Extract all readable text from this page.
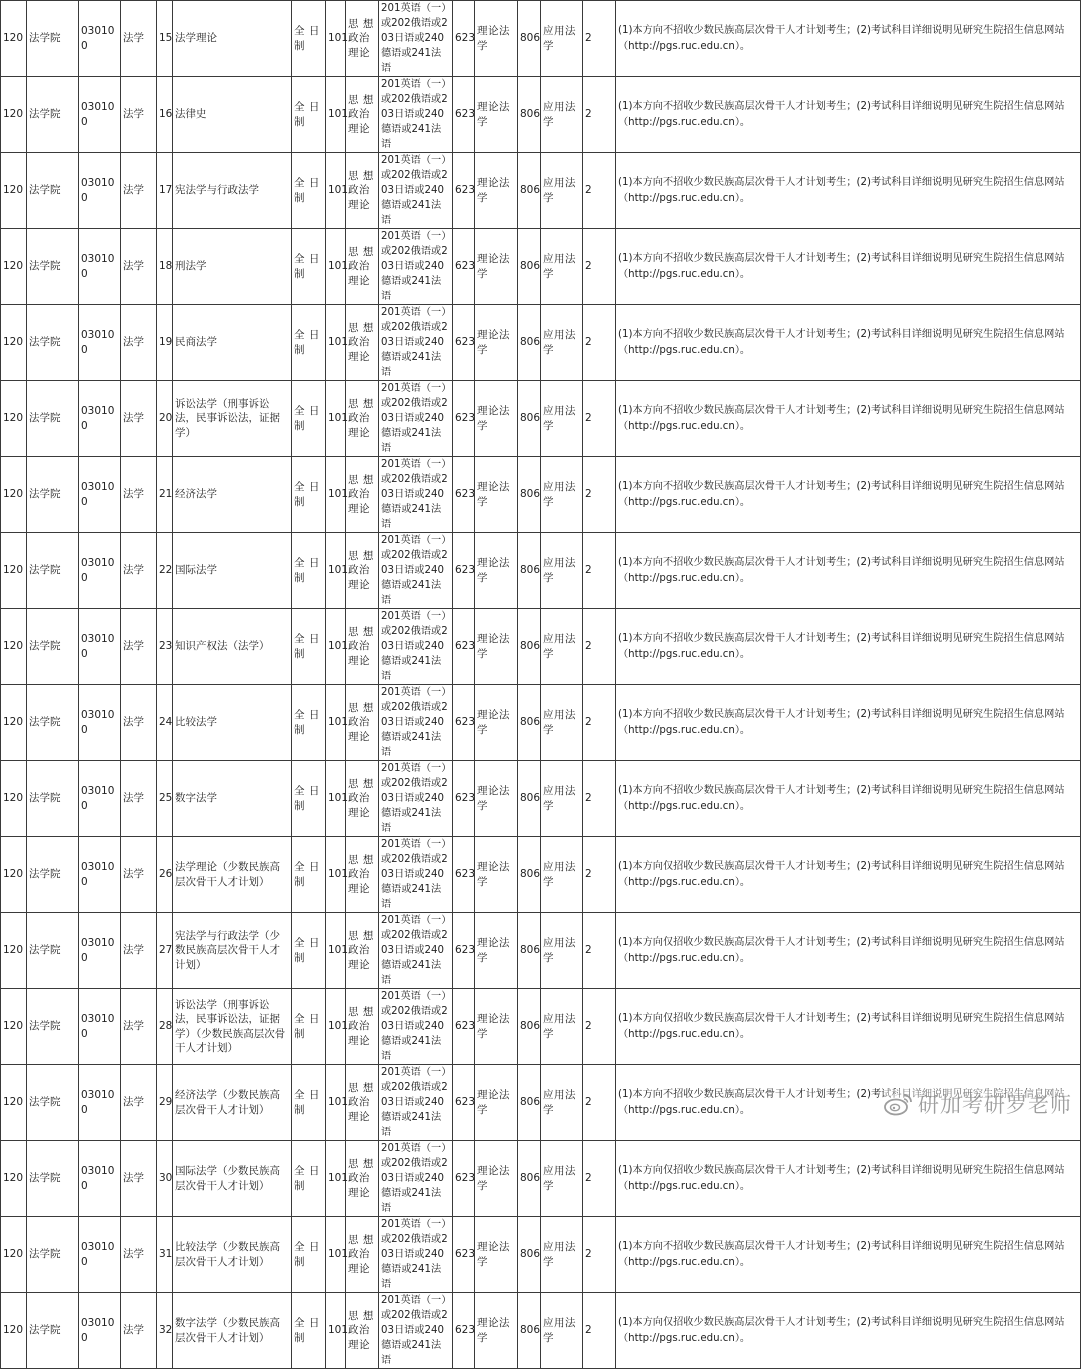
120	法学院	030100	法学	15	法学理论	全 日制	101	思 想政治理论	201英语（一）或202俄语或203日语或240德语或241法语	623	理论法学	806	应用法学	2	(1)本方向不招收少数民族高层次骨干人才计划考生；(2)考试科目详细说明见研究生院招生信息网站（http://pgs.ruc.edu.cn）。
120	法学院	030100	法学	16	法律史	全 日制	101	思 想政治理论	201英语（一）或202俄语或203日语或240德语或241法语	623	理论法学	806	应用法学	2	(1)本方向不招收少数民族高层次骨干人才计划考生；(2)考试科目详细说明见研究生院招生信息网站（http://pgs.ruc.edu.cn）。
120	法学院	030100	法学	17	宪法学与行政法学	全 日制	101	思 想政治理论	201英语（一）或202俄语或203日语或240德语或241法语	623	理论法学	806	应用法学	2	(1)本方向不招收少数民族高层次骨干人才计划考生；(2)考试科目详细说明见研究生院招生信息网站（http://pgs.ruc.edu.cn）。
120	法学院	030100	法学	18	刑法学	全 日制	101	思 想政治理论	201英语（一）或202俄语或203日语或240德语或241法语	623	理论法学	806	应用法学	2	(1)本方向不招收少数民族高层次骨干人才计划考生；(2)考试科目详细说明见研究生院招生信息网站（http://pgs.ruc.edu.cn）。
120	法学院	030100	法学	19	民商法学	全 日制	101	思 想政治理论	201英语（一）或202俄语或203日语或240德语或241法语	623	理论法学	806	应用法学	2	(1)本方向不招收少数民族高层次骨干人才计划考生；(2)考试科目详细说明见研究生院招生信息网站（http://pgs.ruc.edu.cn）。
120	法学院	030100	法学	20	诉讼法学（刑事诉讼法，民事诉讼法，证据学）	全 日制	101	思 想政治理论	201英语（一）或202俄语或203日语或240德语或241法语	623	理论法学	806	应用法学	2	(1)本方向不招收少数民族高层次骨干人才计划考生；(2)考试科目详细说明见研究生院招生信息网站（http://pgs.ruc.edu.cn）。
120	法学院	030100	法学	21	经济法学	全 日制	101	思 想政治理论	201英语（一）或202俄语或203日语或240德语或241法语	623	理论法学	806	应用法学	2	(1)本方向不招收少数民族高层次骨干人才计划考生；(2)考试科目详细说明见研究生院招生信息网站（http://pgs.ruc.edu.cn）。
120	法学院	030100	法学	22	国际法学	全 日制	101	思 想政治理论	201英语（一）或202俄语或203日语或240德语或241法语	623	理论法学	806	应用法学	2	(1)本方向不招收少数民族高层次骨干人才计划考生；(2)考试科目详细说明见研究生院招生信息网站（http://pgs.ruc.edu.cn）。
120	法学院	030100	法学	23	知识产权法（法学）	全 日制	101	思 想政治理论	201英语（一）或202俄语或203日语或240德语或241法语	623	理论法学	806	应用法学	2	(1)本方向不招收少数民族高层次骨干人才计划考生；(2)考试科目详细说明见研究生院招生信息网站（http://pgs.ruc.edu.cn）。
120	法学院	030100	法学	24	比较法学	全 日制	101	思 想政治理论	201英语（一）或202俄语或203日语或240德语或241法语	623	理论法学	806	应用法学	2	(1)本方向不招收少数民族高层次骨干人才计划考生；(2)考试科目详细说明见研究生院招生信息网站（http://pgs.ruc.edu.cn）。
120	法学院	030100	法学	25	数字法学	全 日制	101	思 想政治理论	201英语（一）或202俄语或203日语或240德语或241法语	623	理论法学	806	应用法学	2	(1)本方向不招收少数民族高层次骨干人才计划考生；(2)考试科目详细说明见研究生院招生信息网站（http://pgs.ruc.edu.cn）。
120	法学院	030100	法学	26	法学理论（少数民族高层次骨干人才计划）	全 日制	101	思 想政治理论	201英语（一）或202俄语或203日语或240德语或241法语	623	理论法学	806	应用法学	2	(1)本方向仅招收少数民族高层次骨干人才计划考生；(2)考试科目详细说明见研究生院招生信息网站（http://pgs.ruc.edu.cn）。
120	法学院	030100	法学	27	宪法学与行政法学（少数民族高层次骨干人才计划）	全 日制	101	思 想政治理论	201英语（一）或202俄语或203日语或240德语或241法语	623	理论法学	806	应用法学	2	(1)本方向仅招收少数民族高层次骨干人才计划考生；(2)考试科目详细说明见研究生院招生信息网站（http://pgs.ruc.edu.cn）。
120	法学院	030100	法学	28	诉讼法学（刑事诉讼法，民事诉讼法，证据学）（少数民族高层次骨干人才计划）	全 日制	101	思 想政治理论	201英语（一）或202俄语或203日语或240德语或241法语	623	理论法学	806	应用法学	2	(1)本方向仅招收少数民族高层次骨干人才计划考生；(2)考试科目详细说明见研究生院招生信息网站（http://pgs.ruc.edu.cn）。
120	法学院	030100	法学	29	经济法学（少数民族高层次骨干人才计划）	全 日制	101	思 想政治理论	201英语（一）或202俄语或203日语或240德语或241法语	623	理论法学	806	应用法学	2	(1)本方向不招收少数民族高层次骨干人才计划考生；(2)考试科目详细说明见研究生院招生信息网站（http://pgs.ruc.edu.cn）。
120	法学院	030100	法学	30	国际法学（少数民族高层次骨干人才计划）	全 日制	101	思 想政治理论	201英语（一）或202俄语或203日语或240德语或241法语	623	理论法学	806	应用法学	2	(1)本方向仅招收少数民族高层次骨干人才计划考生；(2)考试科目详细说明见研究生院招生信息网站（http://pgs.ruc.edu.cn）。
120	法学院	030100	法学	31	比较法学（少数民族高层次骨干人才计划）	全 日制	101	思 想政治理论	201英语（一）或202俄语或203日语或240德语或241法语	623	理论法学	806	应用法学	2	(1)本方向不招收少数民族高层次骨干人才计划考生；(2)考试科目详细说明见研究生院招生信息网站（http://pgs.ruc.edu.cn）。
120	法学院	030100	法学	32	数字法学（少数民族高层次骨干人才计划）	全 日制	101	思 想政治理论	201英语（一）或202俄语或203日语或240德语或241法语	623	理论法学	806	应用法学	2	(1)本方向仅招收少数民族高层次骨干人才计划考生；(2)考试科目详细说明见研究生院招生信息网站（http://pgs.ruc.edu.cn）。
研加考研罗老师
